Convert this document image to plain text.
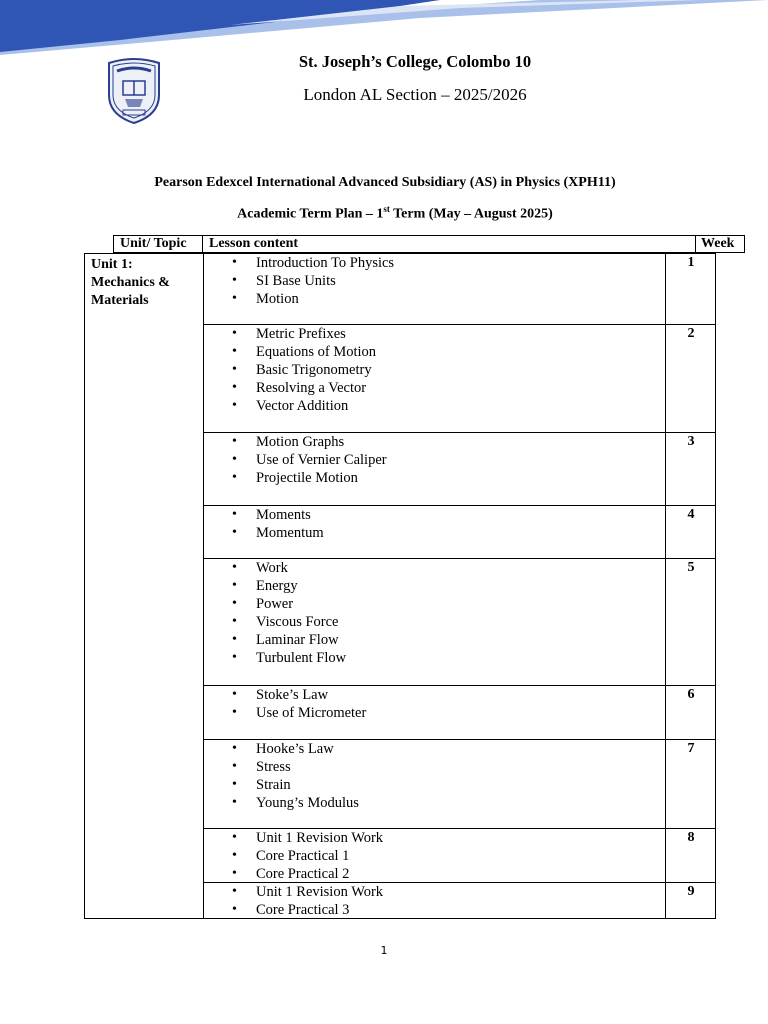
St. Joseph’s College, Colombo 10
London AL Section – 2025/2026
Pearson Edexcel International Advanced Subsidiary (AS) in Physics (XPH11)
Academic Term Plan – 1st Term (May – August 2025)
Unit/ Topic	Lesson content	Week
Unit 1:
Mechanics &
Materials
• Introduction To Physics
• SI Base Units
• Motion
1
• Metric Prefixes
• Equations of Motion
• Basic Trigonometry
• Resolving a Vector
• Vector Addition
2
• Motion Graphs
• Use of Vernier Caliper
• Projectile Motion
3
• Moments
• Momentum
4
• Work
• Energy
• Power
• Viscous Force
• Laminar Flow
• Turbulent Flow
5
• Stoke’s Law
• Use of Micrometer
6
• Hooke’s Law
• Stress
• Strain
• Young’s Modulus
7
• Unit 1 Revision Work
• Core Practical 1
• Core Practical 2
8
• Unit 1 Revision Work
• Core Practical 3
9
1
